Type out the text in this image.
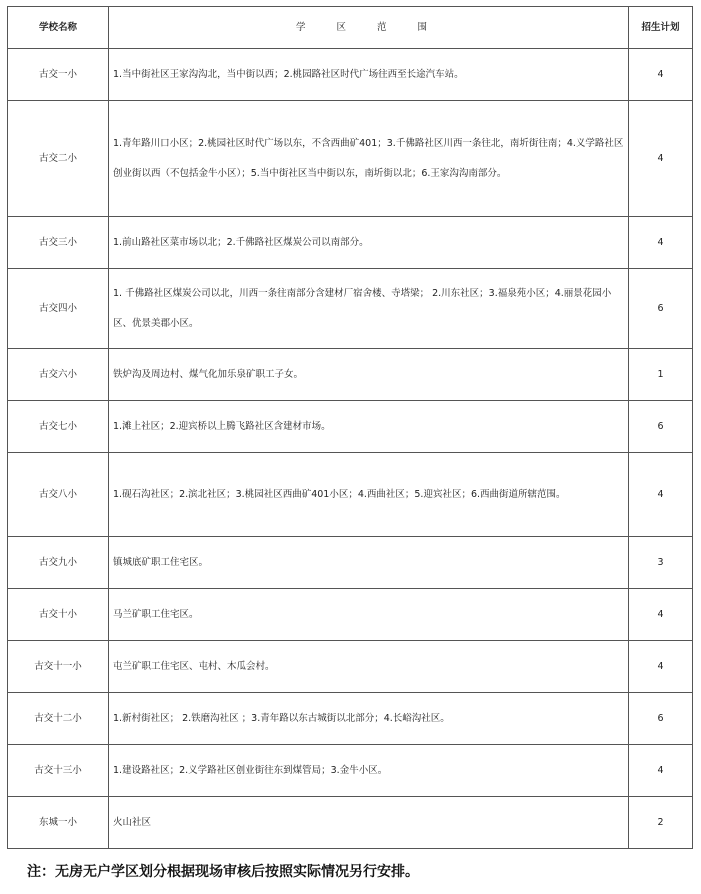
学校名称	学 区 范 围	招生计划
古交一小	1.当中街社区王家沟沟北，当中街以西；2.桃园路社区时代广场往西至长途汽车站。	4
古交二小	1.青年路川口小区；2.桃园社区时代广场以东，不含西曲矿401；3.千佛路社区川西一条往北，南圻街往南；4.义学路社区创业街以西（不包括金牛小区）；5.当中街社区当中街以东，南圻街以北；6.王家沟沟南部分。	4
古交三小	1.前山路社区菜市场以北；2.千佛路社区煤炭公司以南部分。	4
古交四小	1. 千佛路社区煤炭公司以北，川西一条往南部分含建材厂宿舍楼、寺塔梁； 2.川东社区；3.福泉苑小区；4.丽景花园小区、优景美郡小区。	6
古交六小	铁炉沟及周边村、煤气化加乐泉矿职工子女。	1
古交七小	1.滩上社区；2.迎宾桥以上腾飞路社区含建材市场。	6
古交八小	1.砚石沟社区；2.滨北社区；3.桃园社区西曲矿401小区；4.西曲社区；5.迎宾社区；6.西曲街道所辖范围。	4
古交九小	镇城底矿职工住宅区。	3
古交十小	马兰矿职工住宅区。	4
古交十一小	屯兰矿职工住宅区、屯村、木瓜会村。	4
古交十二小	1.新村街社区； 2.铁磨沟社区 ；3.青年路以东古城街以北部分；4.长峪沟社区。	6
古交十三小	1.建设路社区；2.义学路社区创业街往东到煤管局；3.金牛小区。	4
东城一小	火山社区	2
注：无房无户学区划分根据现场审核后按照实际情况另行安排。
